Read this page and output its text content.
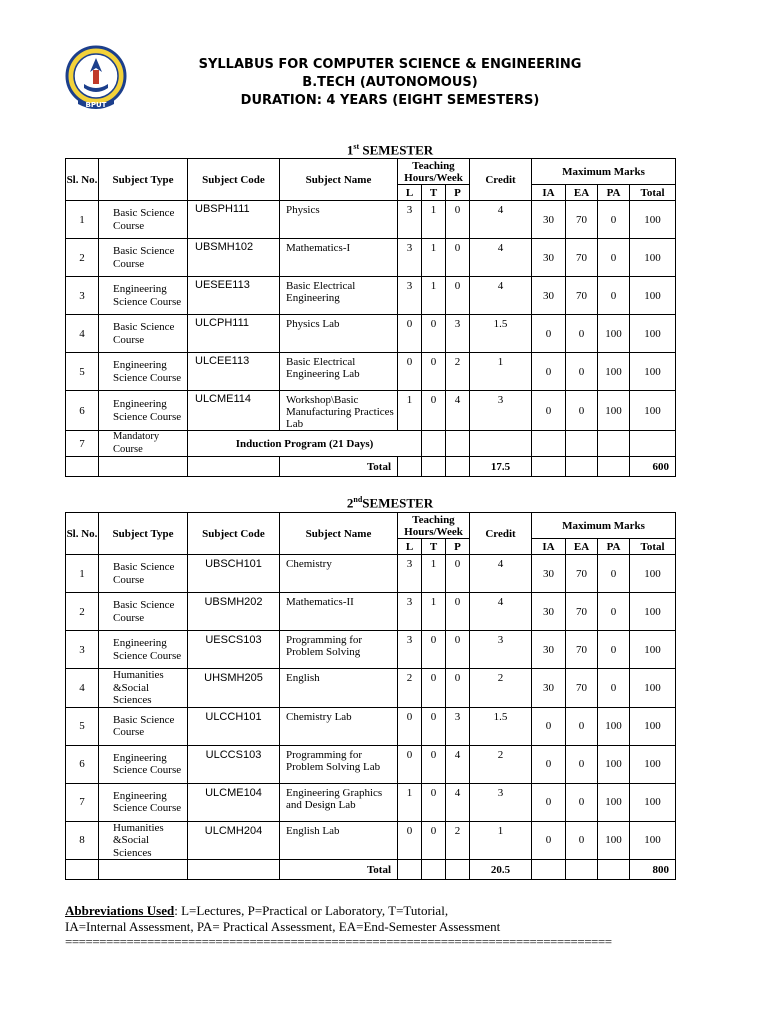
BPUT
SYLLABUS FOR COMPUTER SCIENCE & ENGINEERING
B.TECH (AUTONOMOUS)
DURATION: 4 YEARS (EIGHT SEMESTERS)
1st SEMESTER
Sl. No.	Subject Type	Subject Code	Subject Name	Teaching Hours/Week			Credit	Maximum Marks			
				L	T	P		IA	EA	PA	Total
1	Basic Science Course	UBSPH111	Physics	3	1	0	4	30	70	0	100
2	Basic Science Course	UBSMH102	Mathematics-I	3	1	0	4	30	70	0	100
3	Engineering Science Course	UESEE113	Basic Electrical Engineering	3	1	0	4	30	70	0	100
4	Basic Science Course	ULCPH111	Physics Lab	0	0	3	1.5	0	0	100	100
5	Engineering Science Course	ULCEE113	Basic Electrical Engineering Lab	0	0	2	1	0	0	100	100
6	Engineering Science Course	ULCME114	Workshop\Basic Manufacturing Practices Lab	1	0	4	3	0	0	100	100
7	Mandatory Course	Induction Program (21 Days)									
			Total				17.5				600
2ndSEMESTER
Sl. No.	Subject Type	Subject Code	Subject Name	Teaching Hours/Week			Credit	Maximum Marks			
				L	T	P		IA	EA	PA	Total
1	Basic Science Course	UBSCH101	Chemistry	3	1	0	4	30	70	0	100
2	Basic Science Course	UBSMH202	Mathematics-II	3	1	0	4	30	70	0	100
3	Engineering Science Course	UESCS103	Programming for Problem Solving	3	0	0	3	30	70	0	100
4	Humanities &Social Sciences	UHSMH205	English	2	0	0	2	30	70	0	100
5	Basic Science Course	ULCCH101	Chemistry Lab	0	0	3	1.5	0	0	100	100
6	Engineering Science Course	ULCCS103	Programming for Problem Solving Lab	0	0	4	2	0	0	100	100
7	Engineering Science Course	ULCME104	Engineering Graphics and Design Lab	1	0	4	3	0	0	100	100
8	Humanities &Social Sciences	ULCMH204	English Lab	0	0	2	1	0	0	100	100
			Total				20.5				800
Abbreviations Used: L=Lectures, P=Practical or Laboratory, T=Tutorial,
IA=Internal Assessment, PA= Practical Assessment, EA=End-Semester Assessment
================================================================================
